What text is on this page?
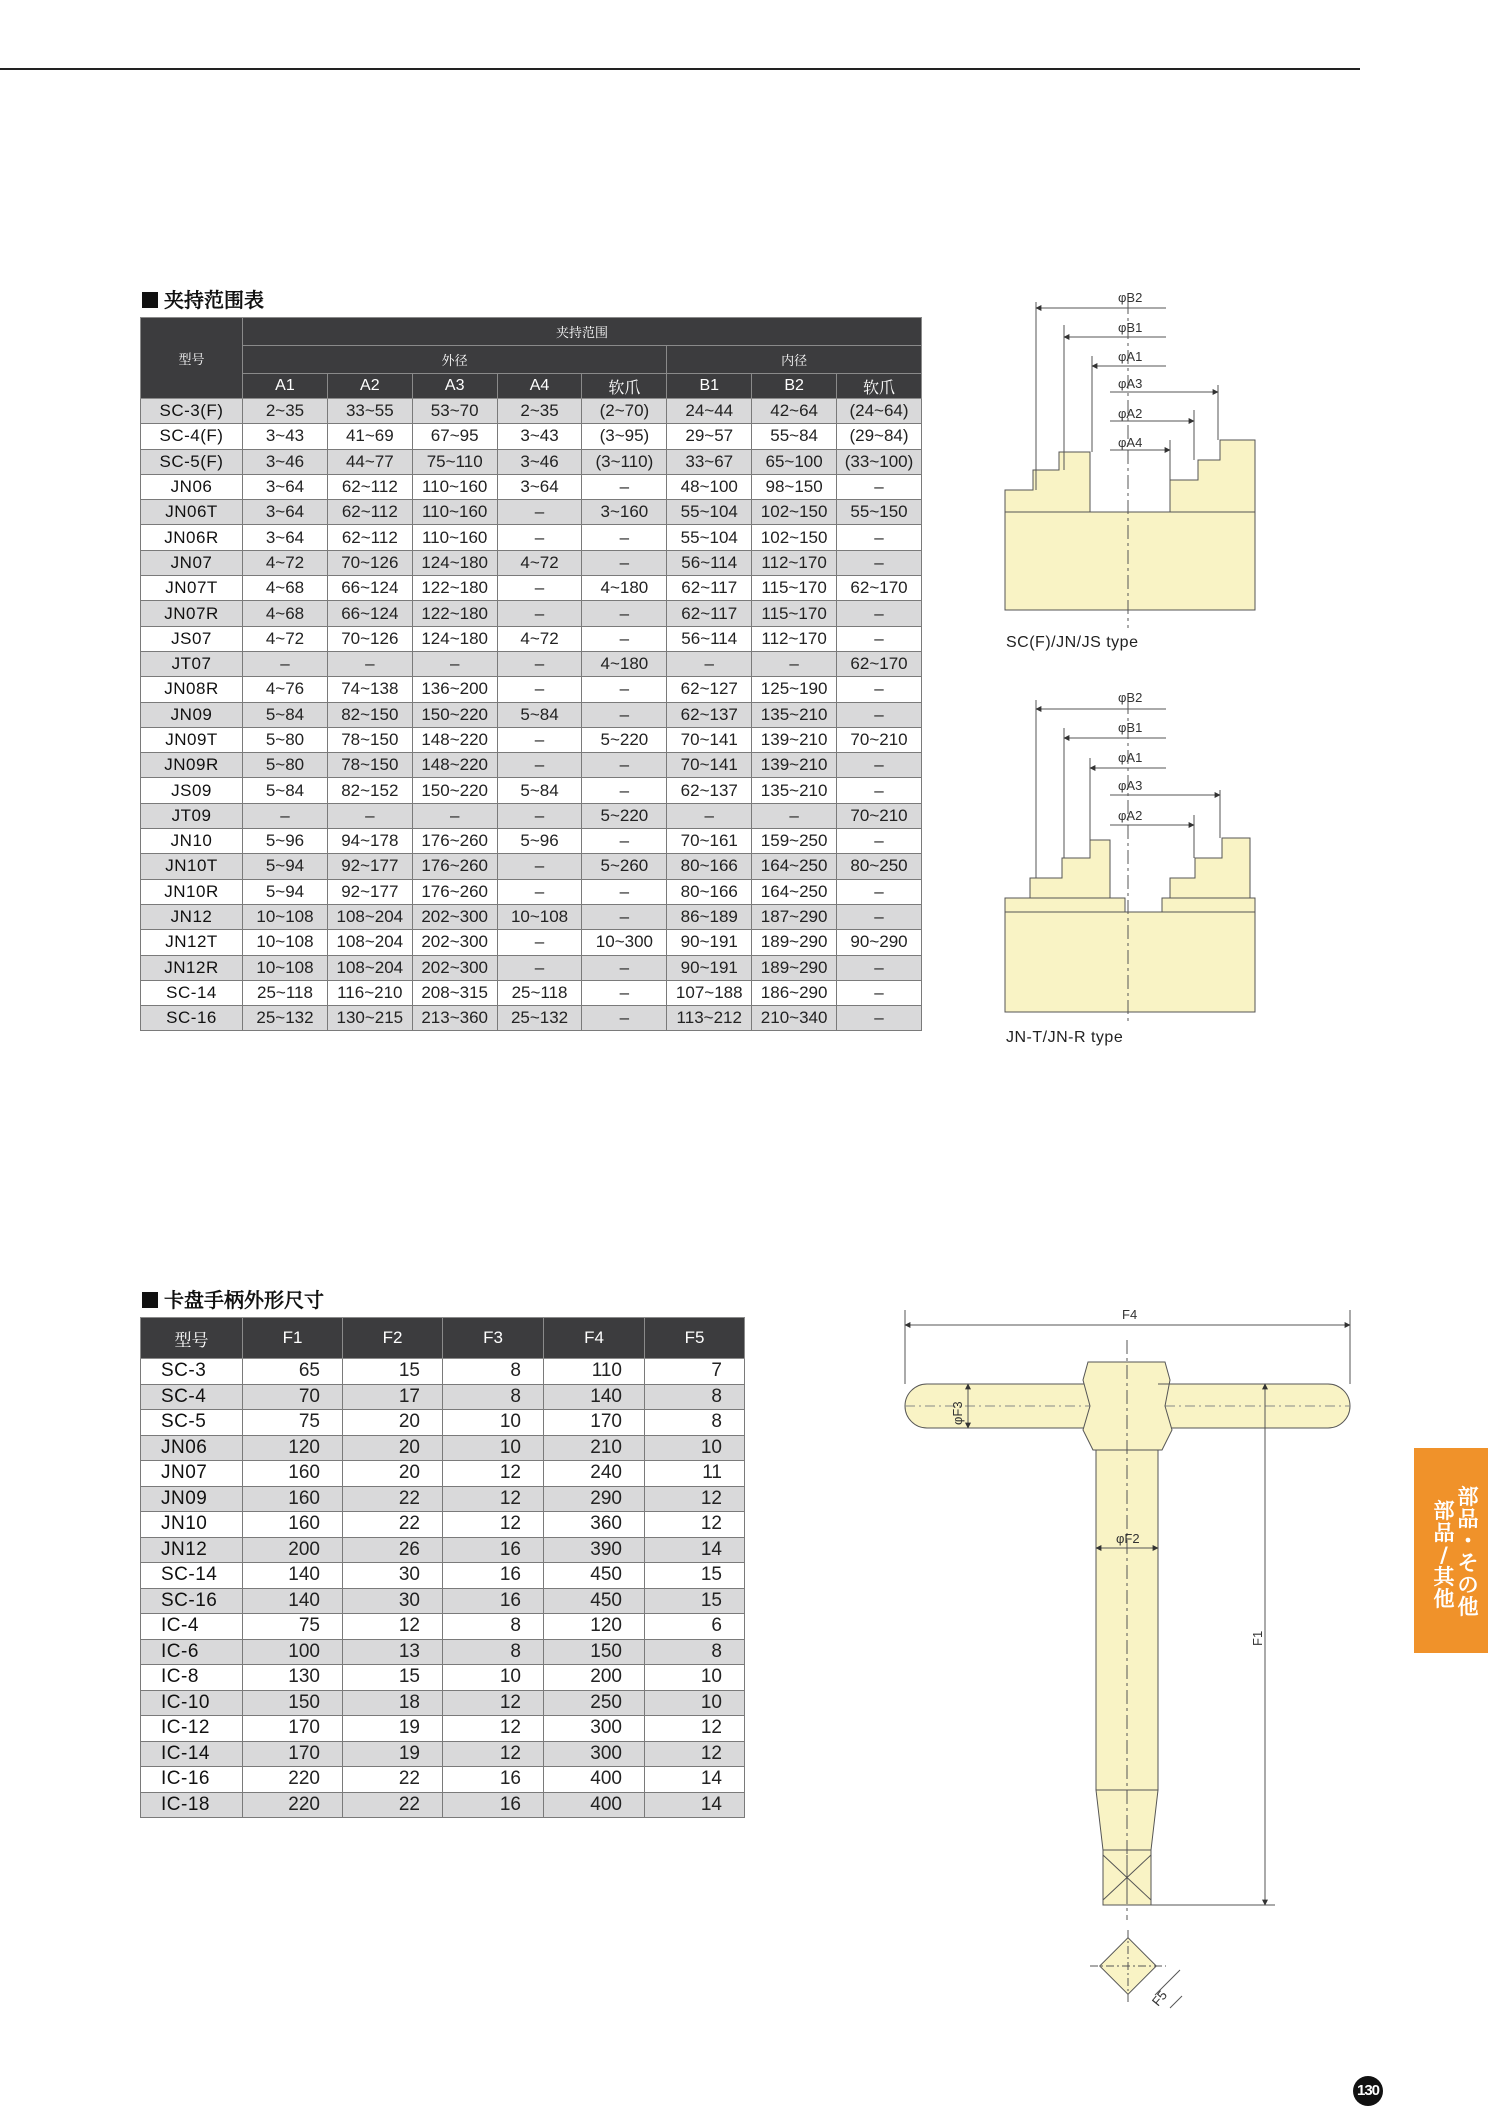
夹持范围表
型号	夹持范围							
	外径					内径		
	A1	A2	A3	A4	软爪	B1	B2	软爪
SC-3(F)	2~35	33~55	53~70	2~35	(2~70)	24~44	42~64	(24~64)
SC-4(F)	3~43	41~69	67~95	3~43	(3~95)	29~57	55~84	(29~84)
SC-5(F)	3~46	44~77	75~110	3~46	(3~110)	33~67	65~100	(33~100)
JN06	3~64	62~112	110~160	3~64	–	48~100	98~150	–
JN06T	3~64	62~112	110~160	–	3~160	55~104	102~150	55~150
JN06R	3~64	62~112	110~160	–	–	55~104	102~150	–
JN07	4~72	70~126	124~180	4~72	–	56~114	112~170	–
JN07T	4~68	66~124	122~180	–	4~180	62~117	115~170	62~170
JN07R	4~68	66~124	122~180	–	–	62~117	115~170	–
JS07	4~72	70~126	124~180	4~72	–	56~114	112~170	–
JT07	–	–	–	–	4~180	–	–	62~170
JN08R	4~76	74~138	136~200	–	–	62~127	125~190	–
JN09	5~84	82~150	150~220	5~84	–	62~137	135~210	–
JN09T	5~80	78~150	148~220	–	5~220	70~141	139~210	70~210
JN09R	5~80	78~150	148~220	–	–	70~141	139~210	–
JS09	5~84	82~152	150~220	5~84	–	62~137	135~210	–
JT09	–	–	–	–	5~220	–	–	70~210
JN10	5~96	94~178	176~260	5~96	–	70~161	159~250	–
JN10T	5~94	92~177	176~260	–	5~260	80~166	164~250	80~250
JN10R	5~94	92~177	176~260	–	–	80~166	164~250	–
JN12	10~108	108~204	202~300	10~108	–	86~189	187~290	–
JN12T	10~108	108~204	202~300	–	10~300	90~191	189~290	90~290
JN12R	10~108	108~204	202~300	–	–	90~191	189~290	–
SC-14	25~118	116~210	208~315	25~118	–	107~188	186~290	–
SC-16	25~132	130~215	213~360	25~132	–	113~212	210~340	–
卡盘手柄外形尺寸
型号	F1	F2	F3	F4	F5
SC-3	65	15	8	110	7
SC-4	70	17	8	140	8
SC-5	75	20	10	170	8
JN06	120	20	10	210	10
JN07	160	20	12	240	11
JN09	160	22	12	290	12
JN10	160	22	12	360	12
JN12	200	26	16	390	14
SC-14	140	30	16	450	15
SC-16	140	30	16	450	15
IC-4	75	12	8	120	6
IC-6	100	13	8	150	8
IC-8	130	15	10	200	10
IC-10	150	18	12	250	10
IC-12	170	19	12	300	12
IC-14	170	19	12	300	12
IC-16	220	22	16	400	14
IC-18	220	22	16	400	14
φB2
φB1
φA1
φA3
φA2
φA4
φB2
φB1
φA1
φA3
φA2
F4
φF3
φF2
F1
F5
SC(F)/JN/JS type
JN-T/JN-R type
部
品
/
其
他
部
品
・
そ
の
他
130
